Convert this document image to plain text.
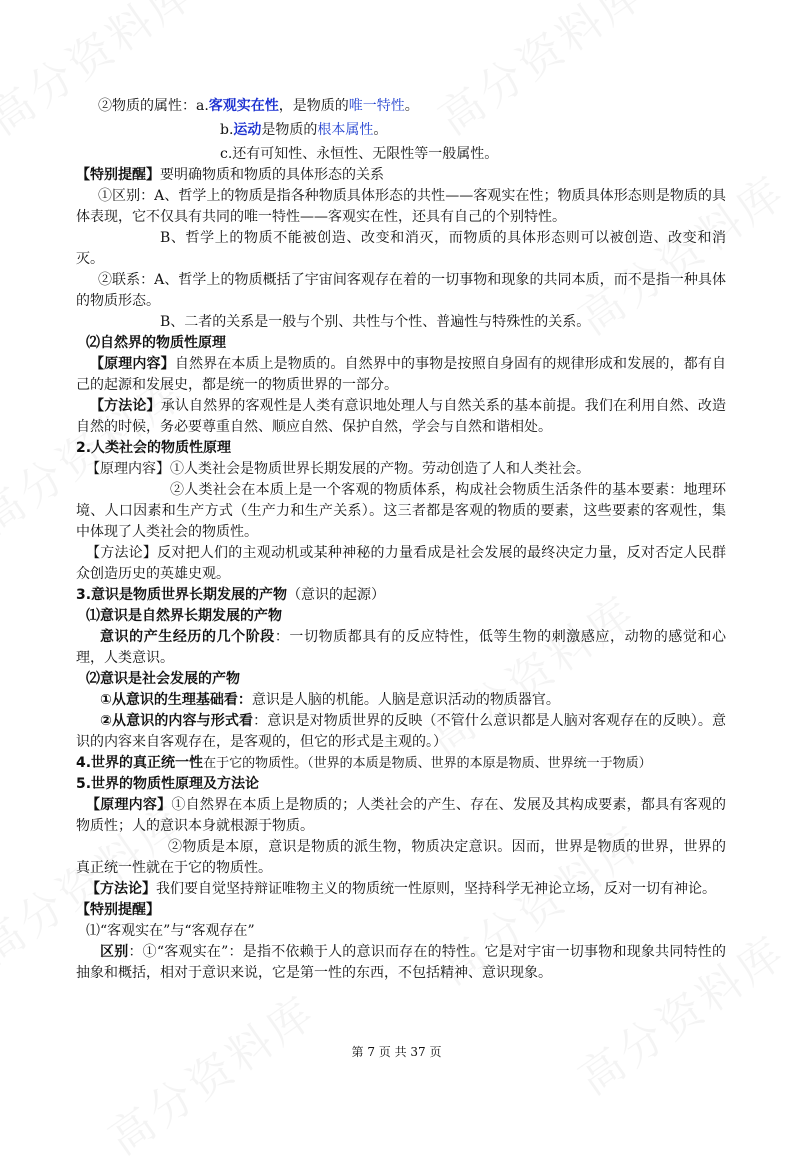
②物质的属性：a.客观实在性，是物质的唯一特性。
b.运动是物质的根本属性。
c.还有可知性、永恒性、无限性等一般属性。
【特别提醒】要明确物质和物质的具体形态的关系
①区别：A、哲学上的物质是指各种物质具体形态的共性——客观实在性；物质具体形态则是物质的具体表现，它不仅具有共同的唯一特性——客观实在性，还具有自己的个别特性。
B、哲学上的物质不能被创造、改变和消灭，而物质的具体形态则可以被创造、改变和消灭。
②联系：A、哲学上的物质概括了宇宙间客观存在着的一切事物和现象的共同本质，而不是指一种具体的物质形态。
B、二者的关系是一般与个别、共性与个性、普遍性与特殊性的关系。
⑵自然界的物质性原理
【原理内容】自然界在本质上是物质的。自然界中的事物是按照自身固有的规律形成和发展的，都有自己的起源和发展史，都是统一的物质世界的一部分。
【方法论】承认自然界的客观性是人类有意识地处理人与自然关系的基本前提。我们在利用自然、改造自然的时候，务必要尊重自然、顺应自然、保护自然，学会与自然和谐相处。
2.人类社会的物质性原理
【原理内容】①人类社会是物质世界长期发展的产物。劳动创造了人和人类社会。
②人类社会在本质上是一个客观的物质体系，构成社会物质生活条件的基本要素：地理环境、人口因素和生产方式（生产力和生产关系）。这三者都是客观的物质的要素，这些要素的客观性，集中体现了人类社会的物质性。
【方法论】反对把人们的主观动机或某种神秘的力量看成是社会发展的最终决定力量，反对否定人民群众创造历史的英雄史观。
3.意识是物质世界长期发展的产物（意识的起源）
⑴意识是自然界长期发展的产物
意识的产生经历的几个阶段：一切物质都具有的反应特性，低等生物的刺激感应，动物的感觉和心理，人类意识。
⑵意识是社会发展的产物
①从意识的生理基础看：意识是人脑的机能。人脑是意识活动的物质器官。
②从意识的内容与形式看：意识是对物质世界的反映（不管什么意识都是人脑对客观存在的反映）。意识的内容来自客观存在，是客观的，但它的形式是主观的。）
4.世界的真正统一性在于它的物质性。（世界的本质是物质、世界的本原是物质、世界统一于物质）
5.世界的物质性原理及方法论
【原理内容】①自然界在本质上是物质的；人类社会的产生、存在、发展及其构成要素，都具有客观的物质性；人的意识本身就根源于物质。
②物质是本原，意识是物质的派生物，物质决定意识。因而，世界是物质的世界，世界的真正统一性就在于它的物质性。
【方法论】我们要自觉坚持辩证唯物主义的物质统一性原则，坚持科学无神论立场，反对一切有神论。
【特别提醒】
⑴“客观实在”与“客观存在”
区别：①“客观实在”：是指不依赖于人的意识而存在的特性。它是对宇宙一切事物和现象共同特性的抽象和概括，相对于意识来说，它是第一性的东西，不包括精神、意识现象。
第 7 页 共 37 页
